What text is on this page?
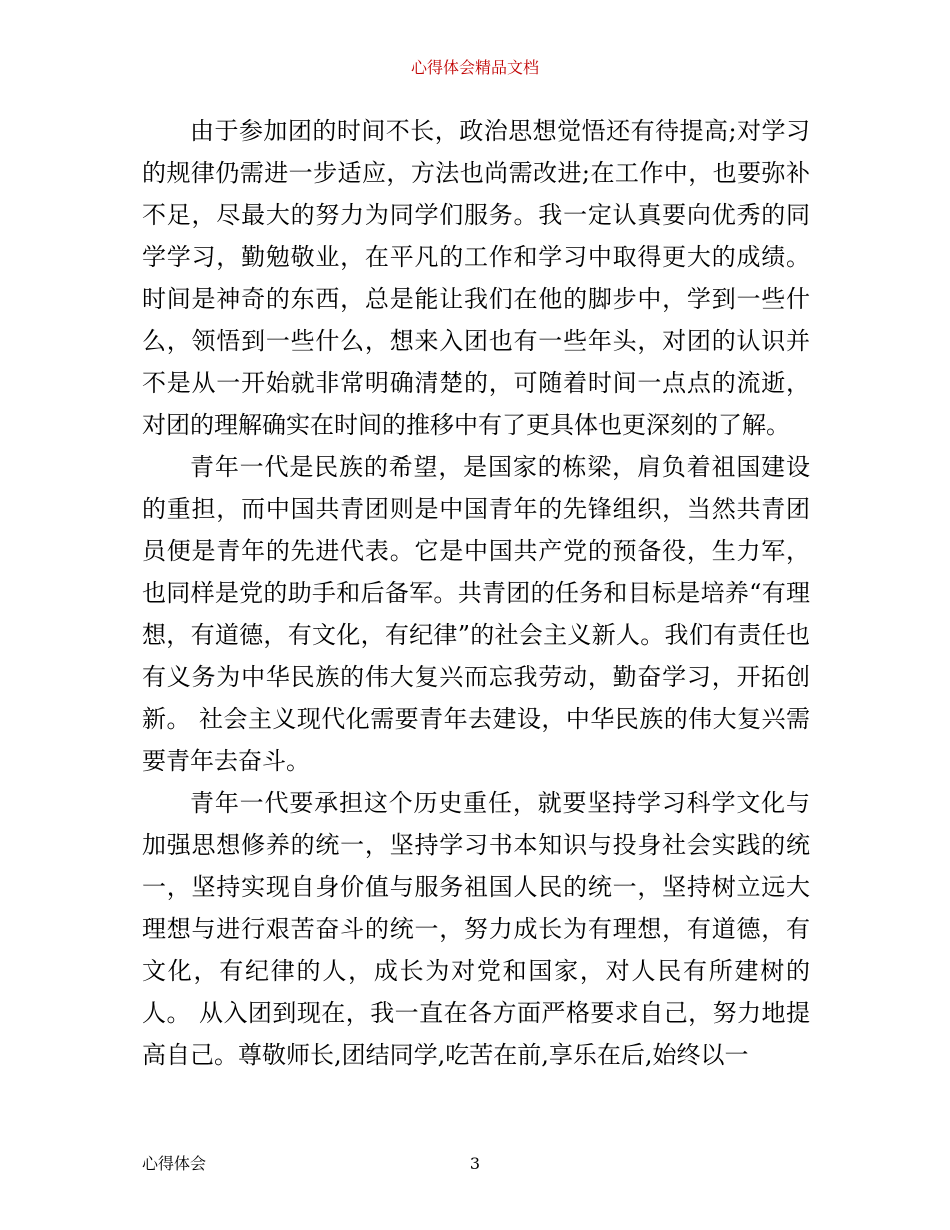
心得体会精品文档

由于参加团的时间不长，政治思想觉悟还有待提高;对学习的规律仍需进一步适应，方法也尚需改进;在工作中，也要弥补不足，尽最大的努力为同学们服务。我一定认真要向优秀的同学学习，勤勉敬业，在平凡的工作和学习中取得更大的成绩。 时间是神奇的东西，总是能让我们在他的脚步中，学到一些什么，领悟到一些什么，想来入团也有一些年头，对团的认识并不是从一开始就非常明确清楚的，可随着时间一点点的流逝，对团的理解确实在时间的推移中有了更具体也更深刻的了解。

青年一代是民族的希望，是国家的栋梁，肩负着祖国建设的重担，而中国共青团则是中国青年的先锋组织，当然共青团员便是青年的先进代表。它是中国共产党的预备役，生力军，也同样是党的助手和后备军。共青团的任务和目标是培养“有理想，有道德，有文化，有纪律”的社会主义新人。我们有责任也有义务为中华民族的伟大复兴而忘我劳动，勤奋学习，开拓创新。 社会主义现代化需要青年去建设，中华民族的伟大复兴需要青年去奋斗。

青年一代要承担这个历史重任，就要坚持学习科学文化与加强思想修养的统一，坚持学习书本知识与投身社会实践的统一，坚持实现自身价值与服务祖国人民的统一，坚持树立远大理想与进行艰苦奋斗的统一，努力成长为有理想，有道德，有文化，有纪律的人，成长为对党和国家，对人民有所建树的人。 从入团到现在，我一直在各方面严格要求自己，努力地提高自己。尊敬师长,团结同学,吃苦在前,享乐在后,始终以一

心得体会	3
